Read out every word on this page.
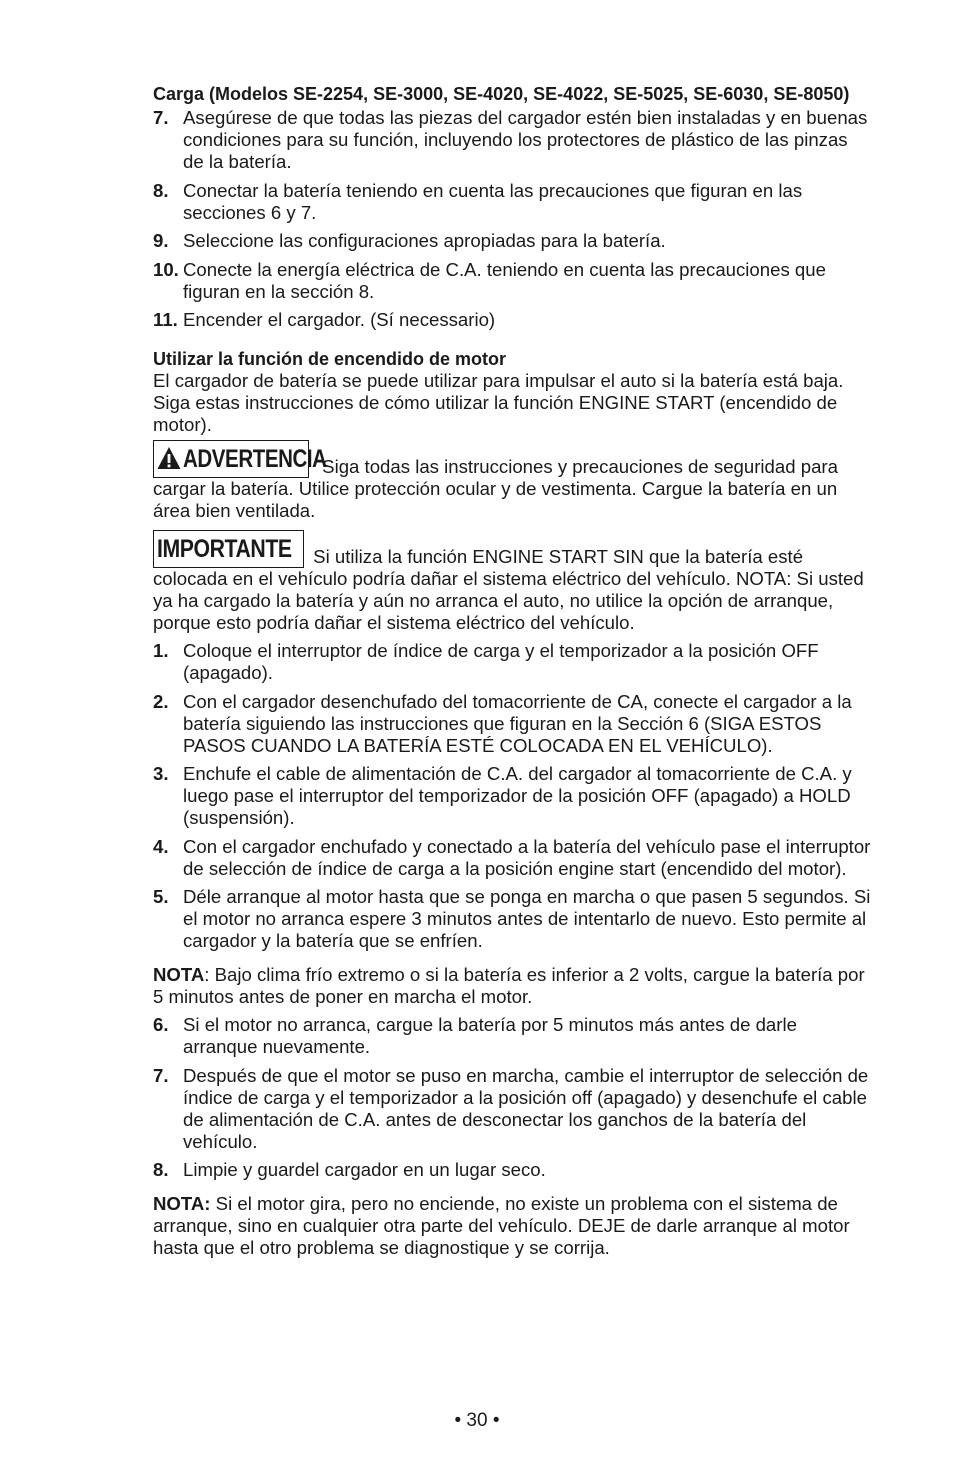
Carga (Modelos SE-2254, SE-3000, SE-4020, SE-4022, SE-5025, SE-6030, SE-8050)
7. Asegúrese de que todas las piezas del cargador estén bien instaladas y en buenas condiciones para su función, incluyendo los protectores de plástico de las pinzas de la batería.
8. Conectar la batería teniendo en cuenta las precauciones que figuran en las secciones 6 y 7.
9. Seleccione las configuraciones apropiadas para la batería.
10. Conecte la energía eléctrica de C.A. teniendo en cuenta las precauciones que figuran en la sección 8.
11. Encender el cargador. (Sí necessario)
Utilizar la función de encendido de motor

El cargador de batería se puede utilizar para impulsar el auto si la batería está baja. Siga estas instrucciones de cómo utilizar la función ENGINE START (encendido de motor).

ADVERTENCIA Siga todas las instrucciones y precauciones de seguridad para cargar la batería. Utilice protección ocular y de vestimenta. Cargue la batería en un área bien ventilada.
IMPORTANTE Si utiliza la función ENGINE START SIN que la batería esté colocada en el vehículo podría dañar el sistema eléctrico del vehículo. NOTA: Si usted ya ha cargado la batería y aún no arranca el auto, no utilice la opción de arranque, porque esto podría dañar el sistema eléctrico del vehículo.
1. Coloque el interruptor de índice de carga y el temporizador a la posición OFF (apagado).
2. Con el cargador desenchufado del tomacorriente de CA, conecte el cargador a la batería siguiendo las instrucciones que figuran en la Sección 6 (SIGA ESTOS PASOS CUANDO LA BATERÍA ESTÉ COLOCADA EN EL VEHÍCULO).
3. Enchufe el cable de alimentación de C.A. del cargador al tomacorriente de C.A. y luego pase el interruptor del temporizador de la posición OFF (apagado) a HOLD (suspensión).
4. Con el cargador enchufado y conectado a la batería del vehículo pase el interruptor de selección de índice de carga a la posición engine start (encendido del motor).
5. Déle arranque al motor hasta que se ponga en marcha o que pasen 5 segundos. Si el motor no arranca espere 3 minutos antes de intentarlo de nuevo. Esto permite al cargador y la batería que se enfríen.

NOTA: Bajo clima frío extremo o si la batería es inferior a 2 volts, cargue la batería por 5 minutos antes de poner en marcha el motor.

6. Si el motor no arranca, cargue la batería por 5 minutos más antes de darle arranque nuevamente.
7. Después de que el motor se puso en marcha, cambie el interruptor de selección de índice de carga y el temporizador a la posición off (apagado) y desenchufe el cable de alimentación de C.A. antes de desconectar los ganchos de la batería del vehículo.
8. Limpie y guardel cargador en un lugar seco.

NOTA: Si el motor gira, pero no enciende, no existe un problema con el sistema de arranque, sino en cualquier otra parte del vehículo. DEJE de darle arranque al motor hasta que el otro problema se diagnostique y se corrija.

• 30 •
